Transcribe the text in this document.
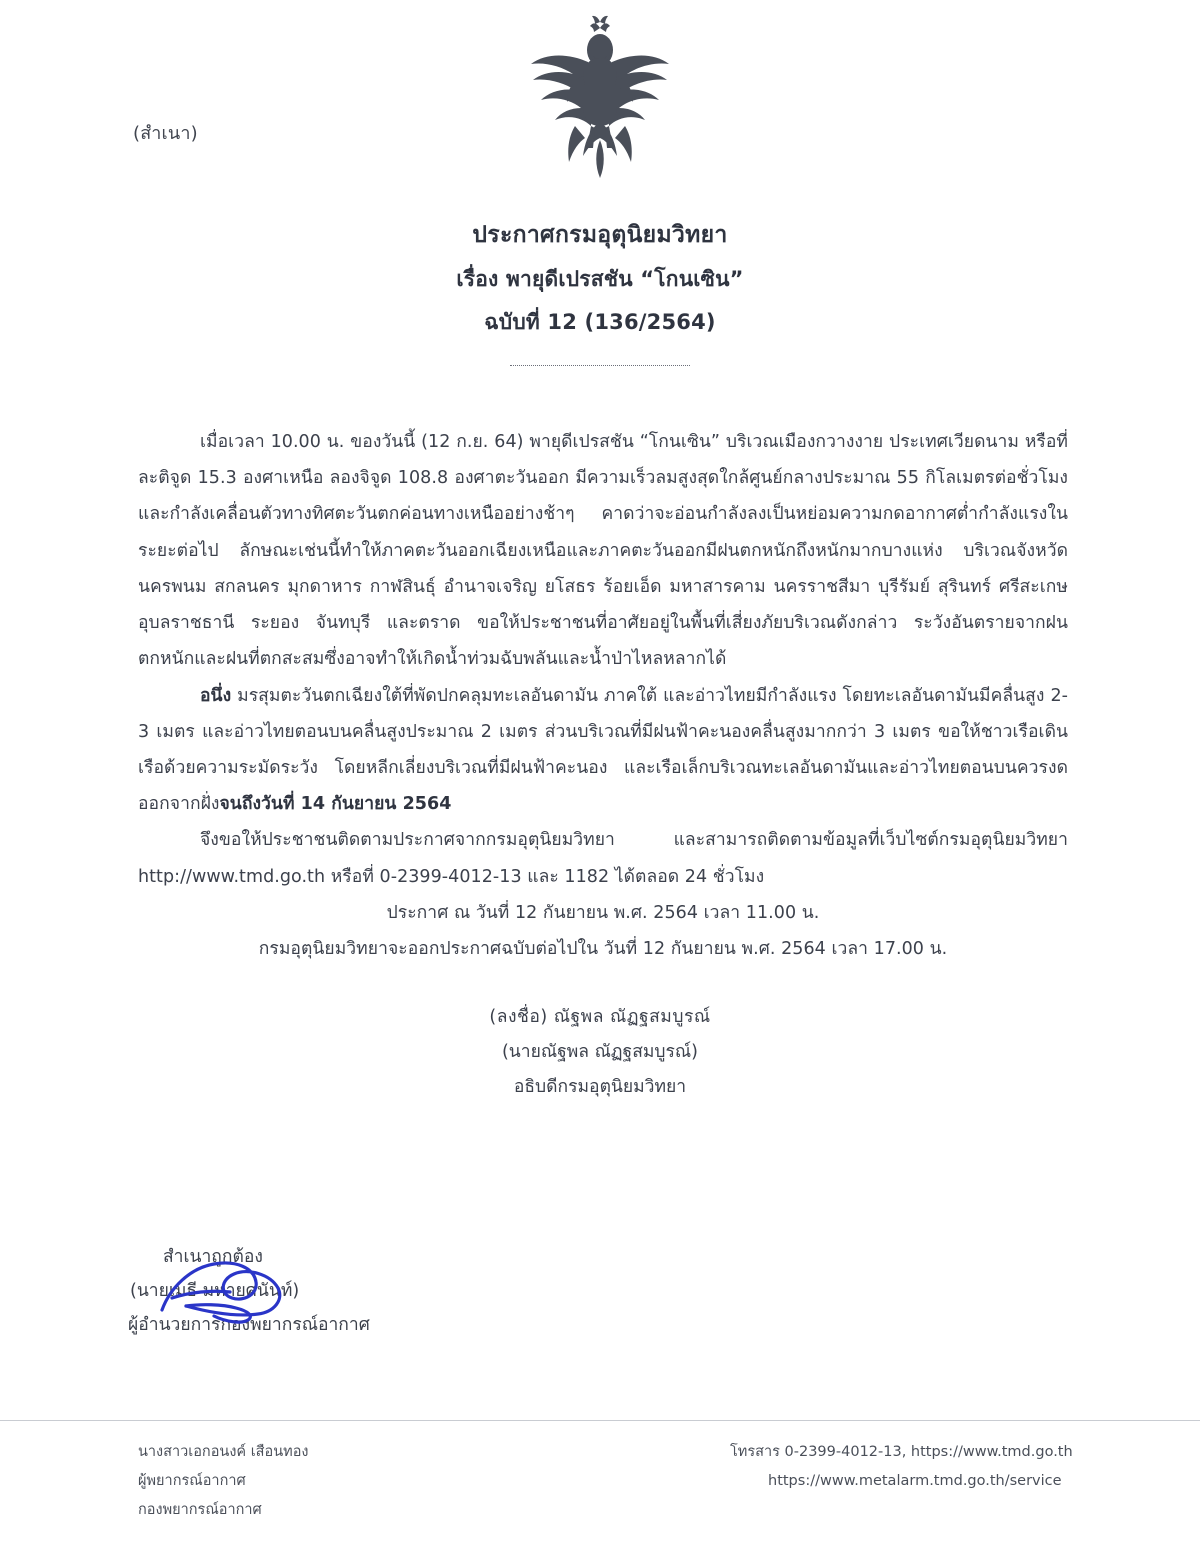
(สำเนา)
ประกาศกรมอุตุนิยมวิทยา
เรื่อง พายุดีเปรสชัน “โกนเซิน”
ฉบับที่ 12 (136/2564)

เมื่อเวลา 10.00 น. ของวันนี้ (12 ก.ย. 64) พายุดีเปรสชัน “โกนเซิน” บริเวณเมืองกวางงาย ประเทศเวียดนาม หรือที่ละติจูด 15.3 องศาเหนือ ลองจิจูด 108.8 องศาตะวันออก มีความเร็วลมสูงสุดใกล้ศูนย์กลางประมาณ 55 กิโลเมตรต่อชั่วโมง และกำลังเคลื่อนตัวทางทิศตะวันตกค่อนทางเหนืออย่างช้าๆ คาดว่าจะอ่อนกำลังลงเป็นหย่อมความกดอากาศต่ำกำลังแรงในระยะต่อไป ลักษณะเช่นนี้ทำให้ภาคตะวันออกเฉียงเหนือและภาคตะวันออกมีฝนตกหนักถึงหนักมากบางแห่ง บริเวณจังหวัดนครพนม สกลนคร มุกดาหาร กาฬสินธุ์ อำนาจเจริญ ยโสธร ร้อยเอ็ด มหาสารคาม นครราชสีมา บุรีรัมย์ สุรินทร์ ศรีสะเกษ อุบลราชธานี ระยอง จันทบุรี และตราด ขอให้ประชาชนที่อาศัยอยู่ในพื้นที่เสี่ยงภัยบริเวณดังกล่าว ระวังอันตรายจากฝนตกหนักและฝนที่ตกสะสมซึ่งอาจทำให้เกิดน้ำท่วมฉับพลันและน้ำป่าไหลหลากได้

อนึ่ง มรสุมตะวันตกเฉียงใต้ที่พัดปกคลุมทะเลอันดามัน ภาคใต้ และอ่าวไทยมีกำลังแรง โดยทะเลอันดามันมีคลื่นสูง 2-3 เมตร และอ่าวไทยตอนบนคลื่นสูงประมาณ 2 เมตร ส่วนบริเวณที่มีฝนฟ้าคะนองคลื่นสูงมากกว่า 3 เมตร ขอให้ชาวเรือเดินเรือด้วยความระมัดระวัง โดยหลีกเลี่ยงบริเวณที่มีฝนฟ้าคะนอง และเรือเล็กบริเวณทะเลอันดามันและอ่าวไทยตอนบนควรงดออกจากฝั่งจนถึงวันที่ 14 กันยายน 2564

จึงขอให้ประชาชนติดตามประกาศจากกรมอุตุนิยมวิทยา และสามารถติดตามข้อมูลที่เว็บไซต์กรมอุตุนิยมวิทยา http://www.tmd.go.th หรือที่ 0-2399-4012-13 และ 1182 ได้ตลอด 24 ชั่วโมง

ประกาศ ณ วันที่ 12 กันยายน พ.ศ. 2564 เวลา 11.00 น.

กรมอุตุนิยมวิทยาจะออกประกาศฉบับต่อไปใน วันที่ 12 กันยายน พ.ศ. 2564 เวลา 17.00 น.

(ลงชื่อ) ณัฐพล ณัฏฐสมบูรณ์
(นายณัฐพล ณัฏฐสมบูรณ์)
อธิบดีกรมอุตุนิยมวิทยา
สำเนาถูกต้อง
(นายเมธี มหายศนันท์)
ผู้อำนวยการกองพยากรณ์อากาศ
นางสาวเอกอนงค์ เสือนทอง
ผู้พยากรณ์อากาศ
กองพยากรณ์อากาศ
โทรสาร 0-2399-4012-13, https://www.tmd.go.th
https://www.metalarm.tmd.go.th/service
